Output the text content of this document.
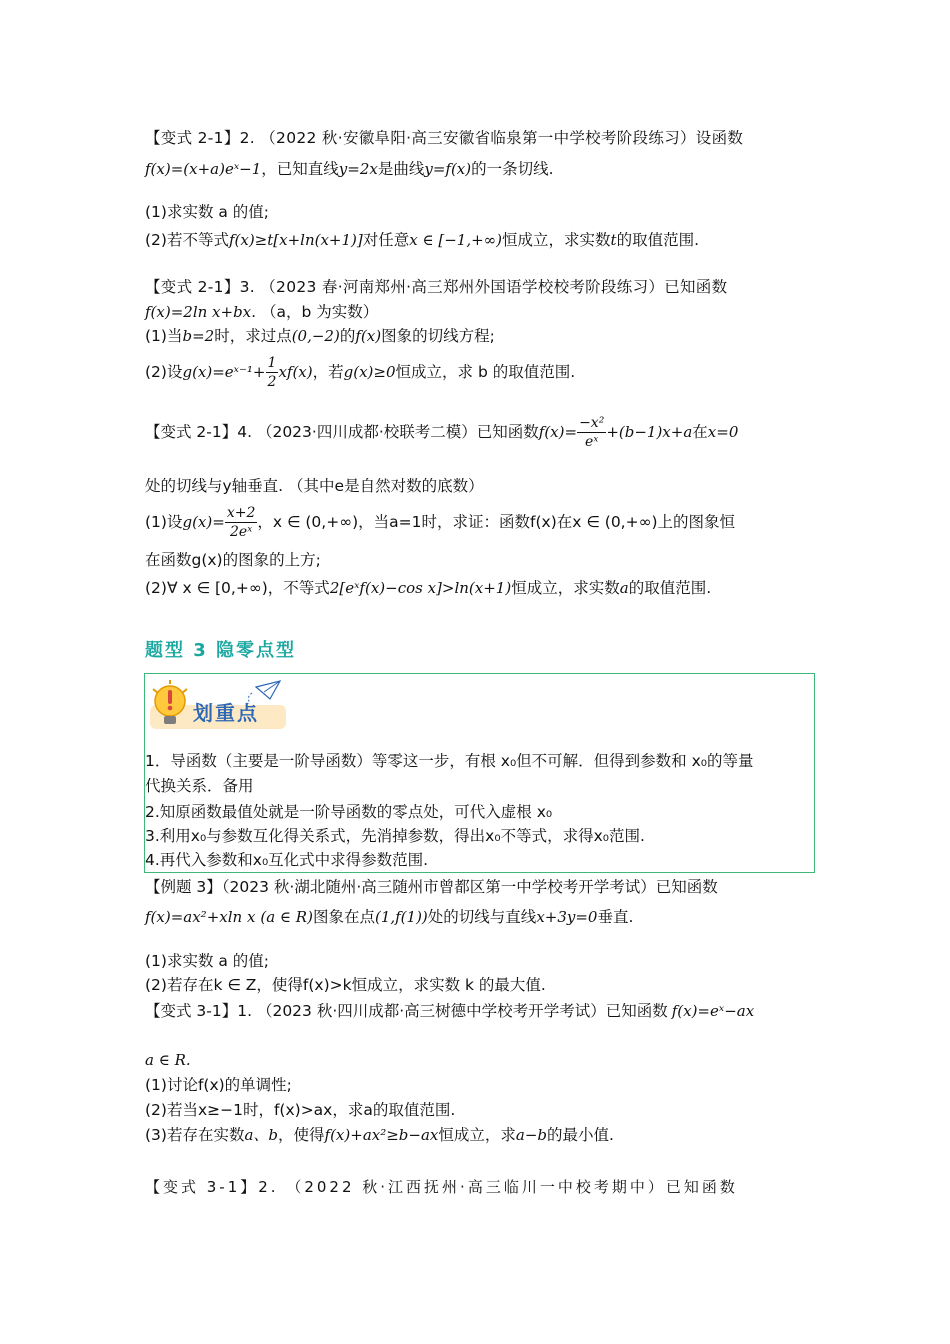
【变式 2-1】2. （2022 秋·安徽阜阳·高三安徽省临泉第一中学校考阶段练习）设函数
f(x)=(x+a)eˣ−1，已知直线y=2x是曲线y=f(x)的一条切线.
(1)求实数 a 的值;
(2)若不等式f(x)≥t[x+ln(x+1)]对任意x ∈ [−1,+∞)恒成立，求实数t的取值范围.
【变式 2-1】3. （2023 春·河南郑州·高三郑州外国语学校校考阶段练习）已知函数
f(x)=2ln x+bx. （a，b 为实数）
(1)当b=2时，求过点(0,−2)的f(x)图象的切线方程;
(2)设g(x)=eˣ⁻¹+ $\frac{1}{2} xf(x)$，若g(x)≥0恒成立，求 b 的取值范围.
【变式 2-1】4. （2023·四川成都·校联考二模）已知函数$f(x)= \frac{\text{−x²}}{\text{eˣ}} +(b-1)x+a$在x=0
处的切线与y轴垂直. （其中e是自然对数的底数）
(1)设$g(x)= \frac{x+2}{\text{2eˣ}}$ ，x ∈ (0,+∞)，当a=1时，求证：函数f(x)在x ∈ (0,+∞)上的图象恒
在函数g(x)的图象的上方;
(2)∀ x ∈ [0,+∞)，不等式2[eˣf(x)−cos x]>ln(x+1)恒成立，求实数a的取值范围.
题型 3 隐零点型
划重点
1．导函数（主要是一阶导函数）等零这一步，有根 x₀但不可解．但得到参数和 x₀的等量
代换关系．备用
2.知原函数最值处就是一阶导函数的零点处，可代入虚根 x₀
3.利用x₀与参数互化得关系式，先消掉参数，得出x₀不等式，求得x₀范围.
4.再代入参数和x₀互化式中求得参数范围.
【例题 3】（2023 秋·湖北随州·高三随州市曾都区第一中学校考开学考试）已知函数
f(x)=ax²+xln x (a ∈ R)图象在点(1,f(1))处的切线与直线x+3y=0垂直.
(1)求实数 a 的值;
(2)若存在k ∈ Z，使得f(x)>k恒成立，求实数 k 的最大值.
【变式 3-1】1. （2023 秋·四川成都·高三树德中学校考开学考试）已知函数 f(x)=eˣ−ax
a ∈ R.
(1)讨论f(x)的单调性;
(2)若当x≥−1时，f(x)>ax，求a的取值范围.
(3)若存在实数a、b，使得f(x)+ax²≥b−ax恒成立，求a−b的最小值.
【变式 3-1】2. （2022 秋·江西抚州·高三临川一中校考期中）已知函数
